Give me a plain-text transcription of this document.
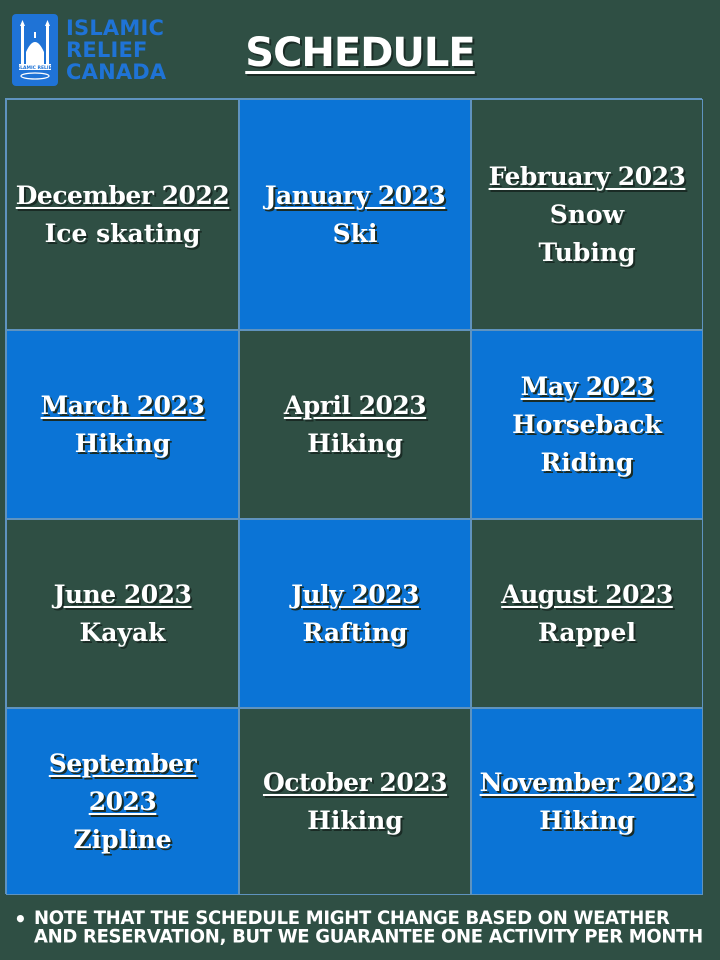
ISLAMIC RELIEF
ISLAMIC
RELIEF
CANADA	SCHEDULE
December 2022
Ice skating
January 2023
Ski
February 2023
Snow Tubing
March 2023
Hiking
April 2023
Hiking
May 2023
Horseback Riding
June 2023
Kayak
July 2023
Rafting
August 2023
Rappel
September 2023
Zipline
October 2023
Hiking
November 2023
Hiking
• NOTE THAT THE SCHEDULE MIGHT CHANGE BASED ON WEATHER AND RESERVATION, BUT WE GUARANTEE ONE ACTIVITY PER MONTH
